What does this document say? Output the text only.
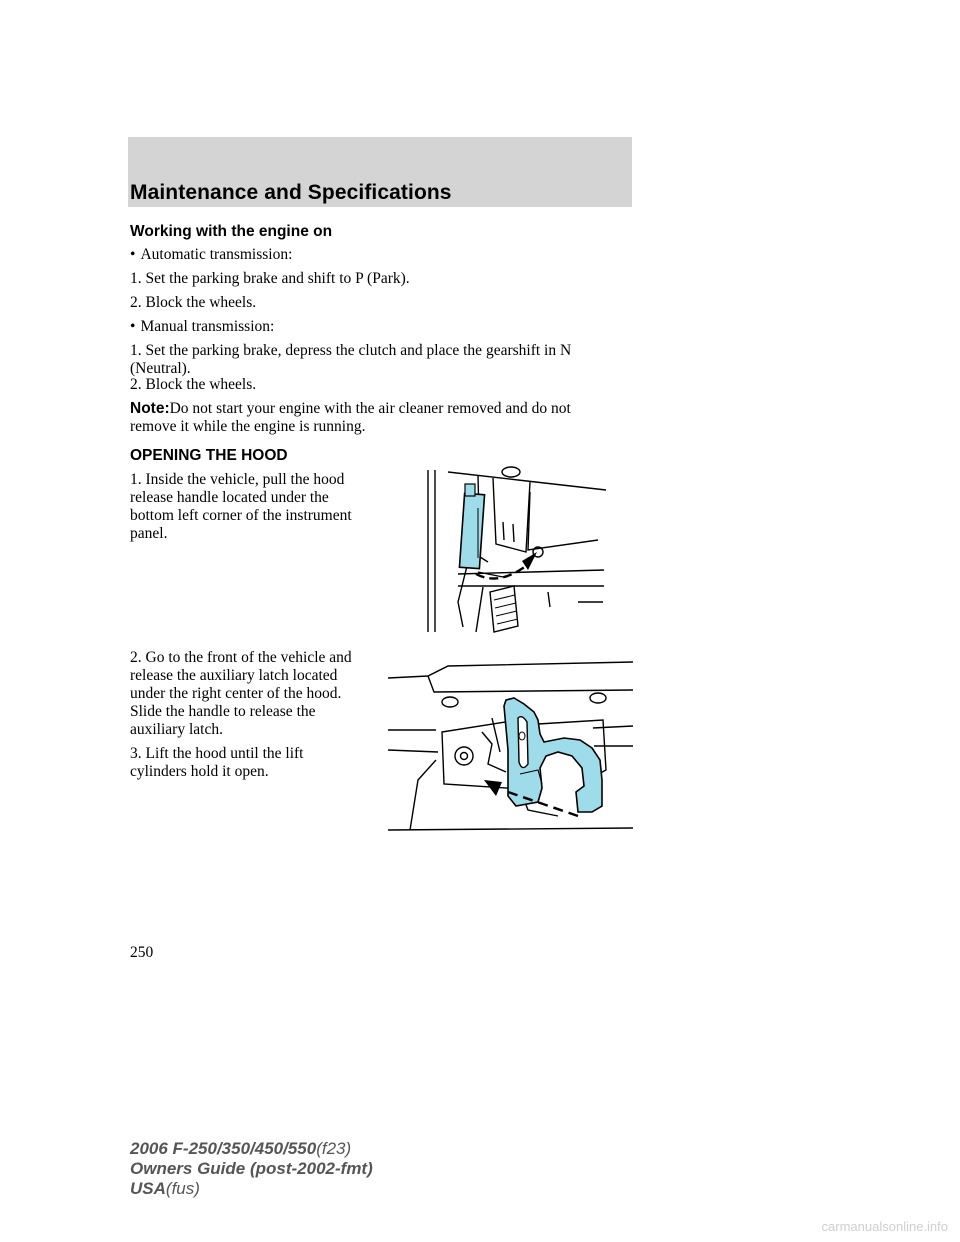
Maintenance and Specifications
Working with the engine on
• Automatic transmission:
1. Set the parking brake and shift to P (Park).
2. Block the wheels.
• Manual transmission:
1. Set the parking brake, depress the clutch and place the gearshift in N
(Neutral).
2. Block the wheels.
Note:Do not start your engine with the air cleaner removed and do not
remove it while the engine is running.
OPENING THE HOOD
1. Inside the vehicle, pull the hood
release handle located under the
bottom left corner of the instrument
panel.
2. Go to the front of the vehicle and
release the auxiliary latch located
under the right center of the hood.
Slide the handle to release the
auxiliary latch.
3. Lift the hood until the lift
cylinders hold it open.
250
2006 F-250/350/450/550(f23)
Owners Guide (post-2002-fmt)
USA(fus)
carmanualsonline.info
